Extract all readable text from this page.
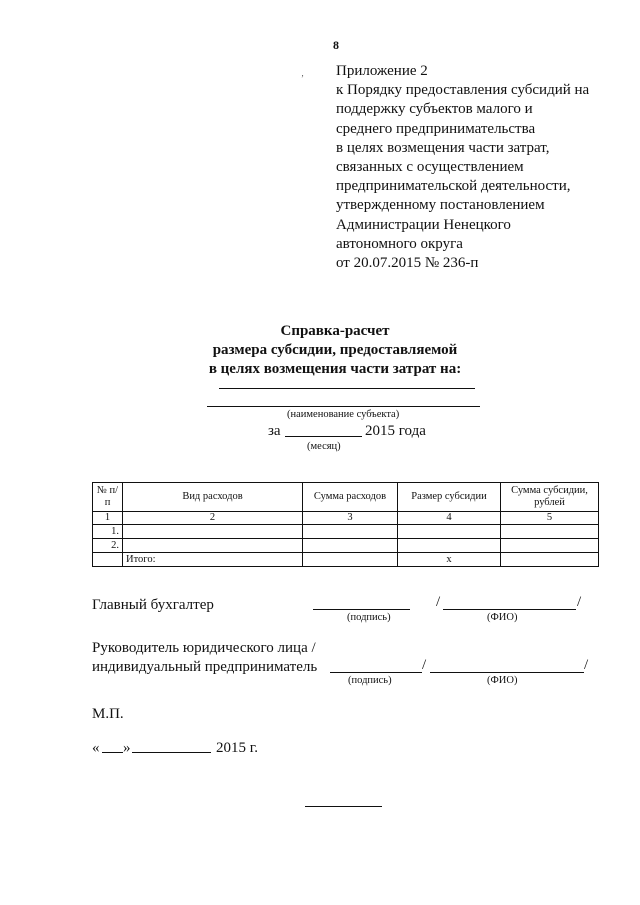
8
‚ Приложение 2
к Порядку предоставления субсидий на
поддержку субъектов малого и
среднего предпринимательства
в целях возмещения части затрат,
связанных с осуществлением
предпринимательской деятельности,
утвержденному постановлением
Администрации Ненецкого
автономного округа
от 20.07.2015 № 236-п
Справка-расчет
размера субсидии, предоставляемой
в целях возмещения части затрат на:
(наименование субъекта)
за	2015 года
(месяц)
№ п/п	Вид расходов	Сумма расходов	Размер субсидии	Сумма субсидии, рублей
1	2	3	4	5
1.				
2.				
	Итого:		х	
Главный бухгалтер	/	/
(подпись)	(ФИО)
Руководитель юридического лица /
индивидуальный предприниматель	/	/
(подпись)	(ФИО)
М.П.
« »	2015 г.
